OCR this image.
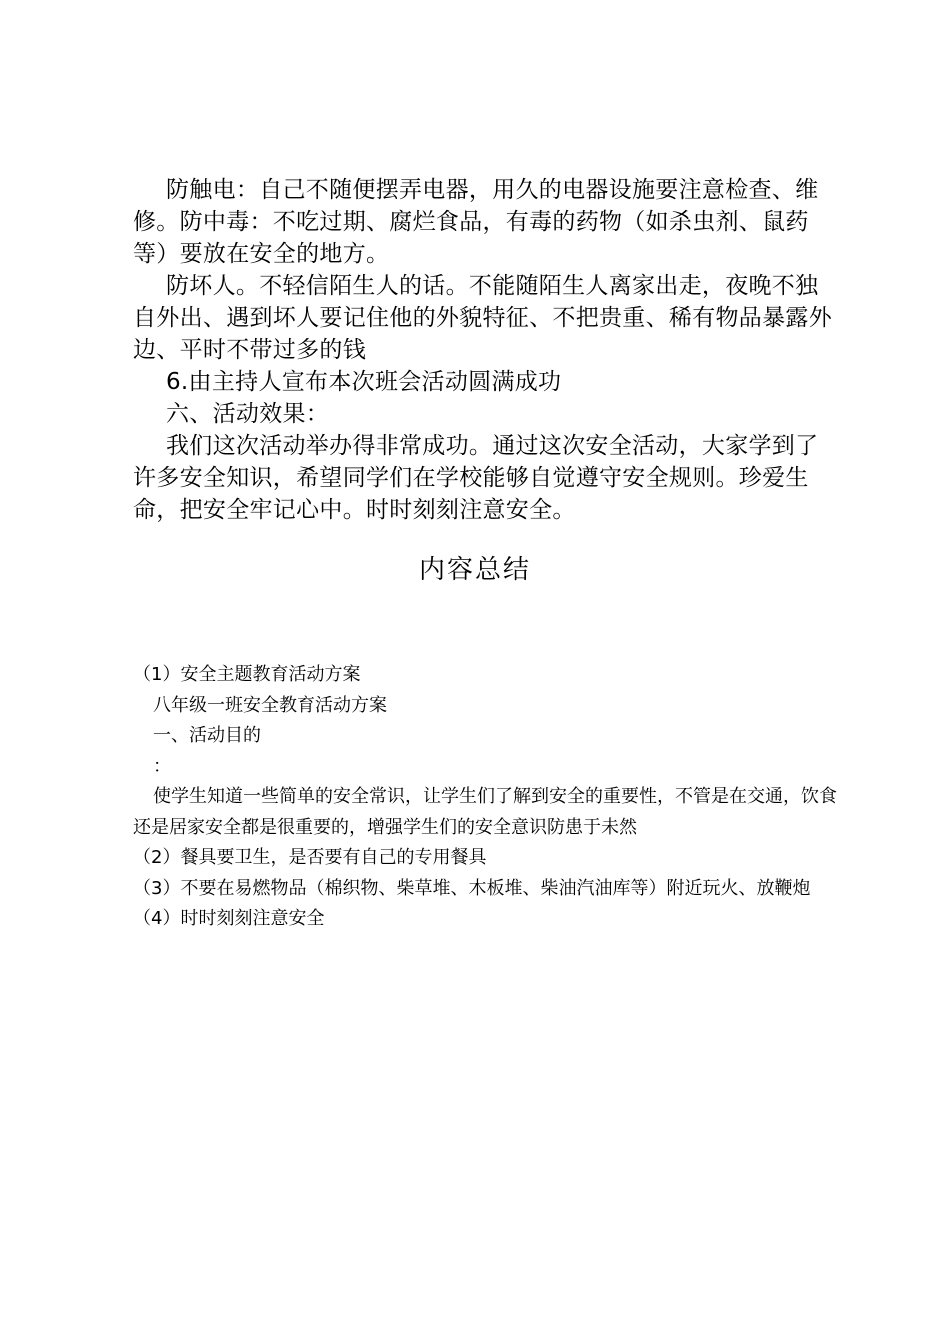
防触电：自己不随便摆弄电器，用久的电器设施要注意检查、维修。防中毒：不吃过期、腐烂食品，有毒的药物（如杀虫剂、鼠药等）要放在安全的地方。

防坏人。不轻信陌生人的话。不能随陌生人离家出走，夜晚不独自外出、遇到坏人要记住他的外貌特征、不把贵重、稀有物品暴露外边、平时不带过多的钱

6.由主持人宣布本次班会活动圆满成功

六、活动效果：

我们这次活动举办得非常成功。通过这次安全活动，大家学到了许多安全知识，希望同学们在学校能够自觉遵守安全规则。珍爱生命，把安全牢记心中。时时刻刻注意安全。

内容总结

（1）安全主题教育活动方案

八年级一班安全教育活动方案

一、活动目的

：

使学生知道一些简单的安全常识，让学生们了解到安全的重要性，不管是在交通，饮食还是居家安全都是很重要的，增强学生们的安全意识防患于未然

（2）餐具要卫生，是否要有自己的专用餐具

（3）不要在易燃物品（棉织物、柴草堆、木板堆、柴油汽油库等）附近玩火、放鞭炮

（4）时时刻刻注意安全
